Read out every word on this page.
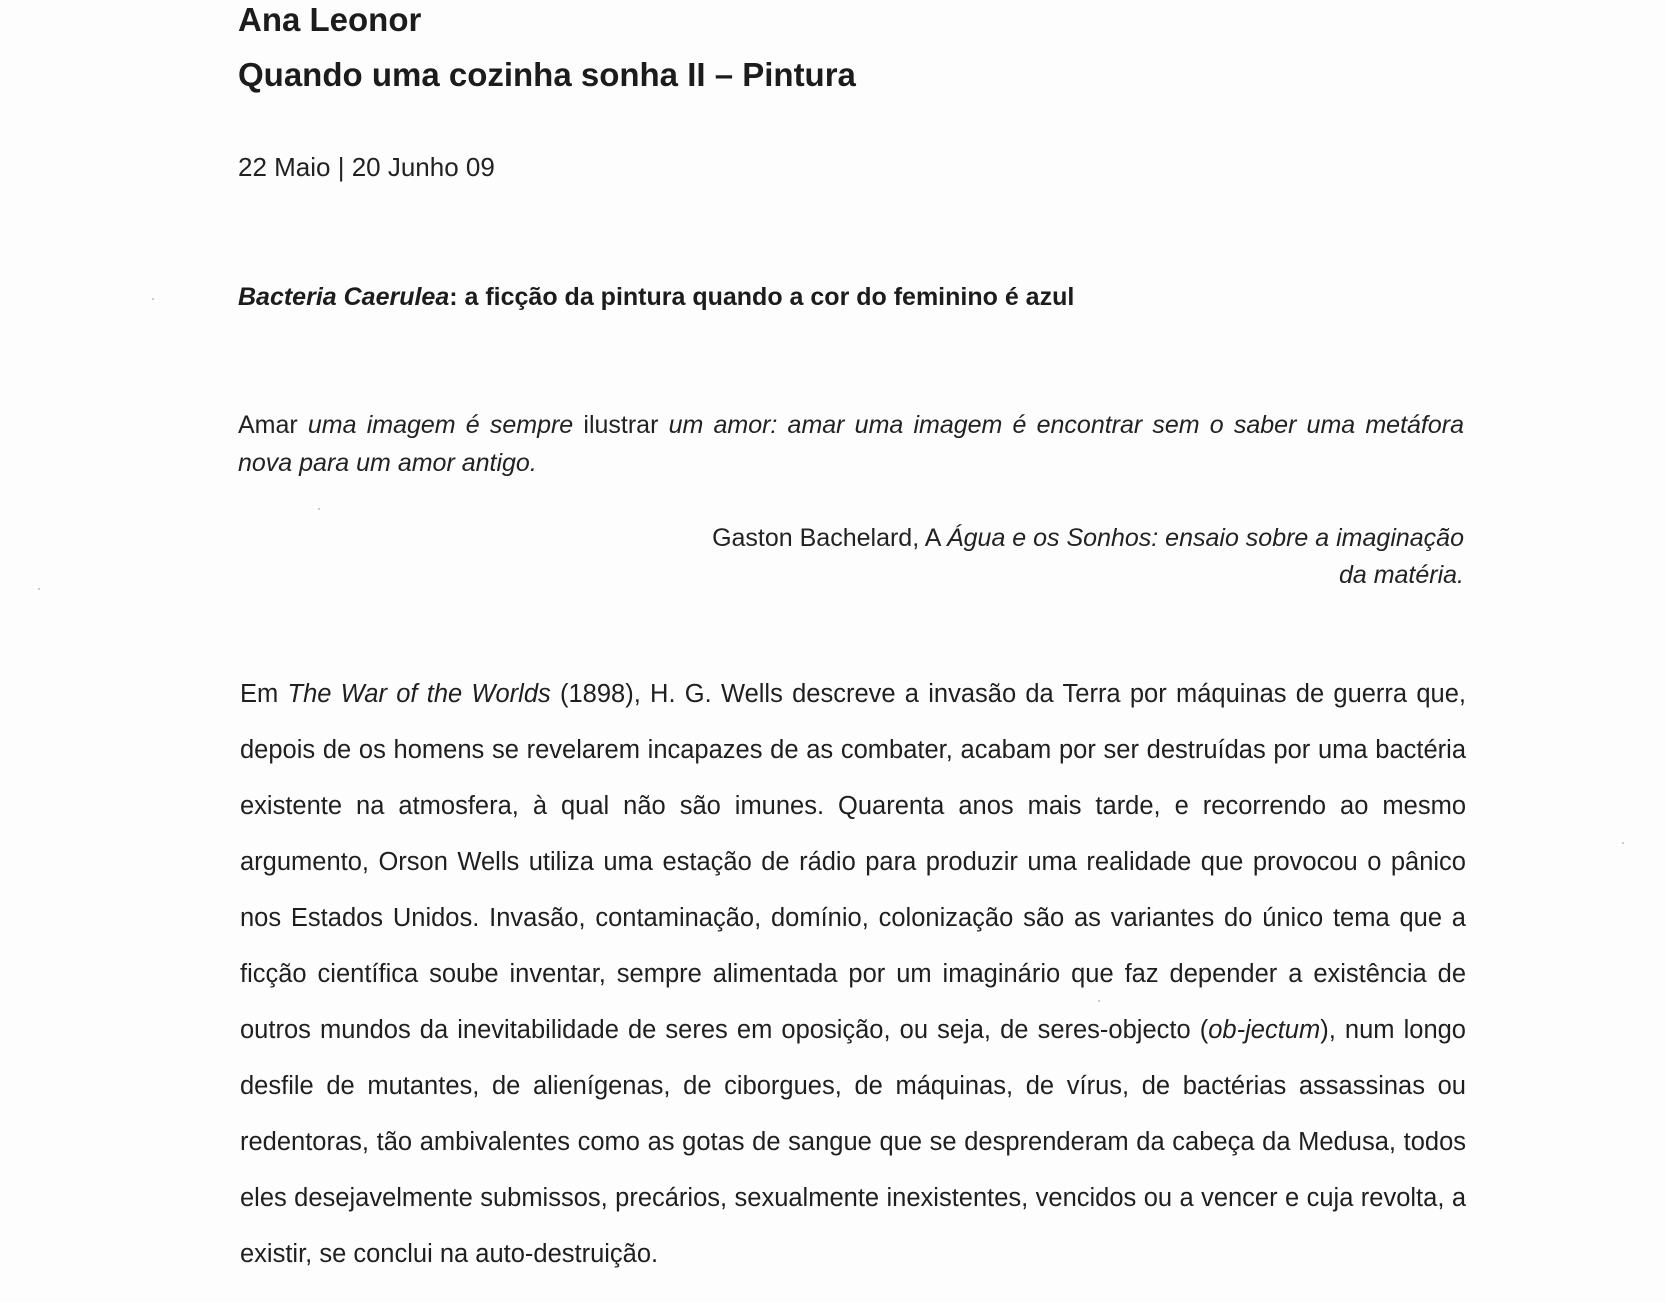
Ana Leonor
Quando uma cozinha sonha II – Pintura
22 Maio | 20 Junho 09
Bacteria Caerulea: a ficção da pintura quando a cor do feminino é azul
Amar uma imagem é sempre ilustrar um amor: amar uma imagem é encontrar sem o saber uma metáfora nova para um amor antigo.
Gaston Bachelard, A Água e os Sonhos: ensaio sobre a imaginação da matéria.
Em The War of the Worlds (1898), H. G. Wells descreve a invasão da Terra por máquinas de guerra que, depois de os homens se revelarem incapazes de as combater, acabam por ser destruídas por uma bactéria existente na atmosfera, à qual não são imunes. Quarenta anos mais tarde, e recorrendo ao mesmo argumento, Orson Wells utiliza uma estação de rádio para produzir uma realidade que provocou o pânico nos Estados Unidos. Invasão, contaminação, domínio, colonização são as variantes do único tema que a ficção científica soube inventar, sempre alimentada por um imaginário que faz depender a existência de outros mundos da inevitabilidade de seres em oposição, ou seja, de seres-objecto (ob-jectum), num longo desfile de mutantes, de alienígenas, de ciborgues, de máquinas, de vírus, de bactérias assassinas ou redentoras, tão ambivalentes como as gotas de sangue que se desprenderam da cabeça da Medusa, todos eles desejavelmente submissos, precários, sexualmente inexistentes, vencidos ou a vencer e cuja revolta, a existir, se conclui na auto-destruição.
